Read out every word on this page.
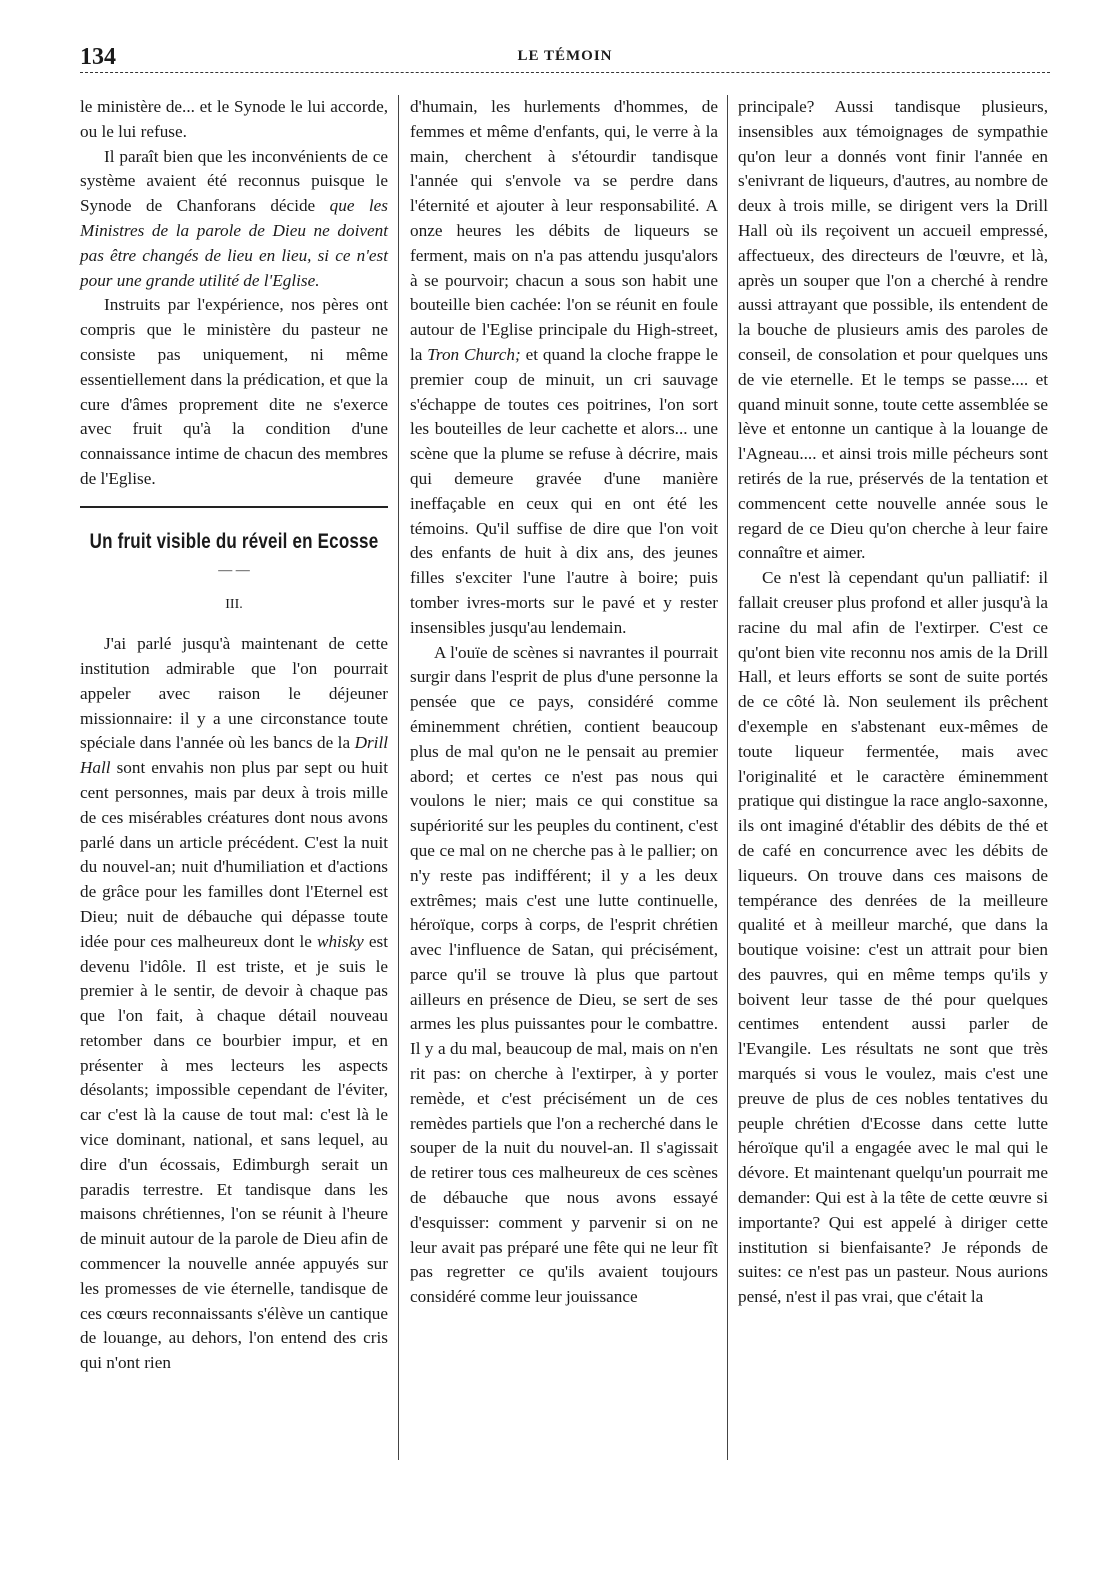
134	LE TÉMOIN

le ministère de... et le Synode le lui accorde, ou le lui refuse.

Il paraît bien que les inconvénients de ce système avaient été reconnus puisque le Synode de Chanforans décide que les Ministres de la parole de Dieu ne doivent pas être changés de lieu en lieu, si ce n'est pour une grande utilité de l'Eglise.

Instruits par l'expérience, nos pères ont compris que le ministère du pasteur ne consiste pas uniquement, ni même essentiellement dans la prédication, et que la cure d'âmes proprement dite ne s'exerce avec fruit qu'à la condition d'une connaissance intime de chacun des membres de l'Eglise.

Un fruit visible du réveil en Ecosse
— —
III.

J'ai parlé jusqu'à maintenant de cette institution admirable que l'on pourrait appeler avec raison le déjeuner missionnaire: il y a une circonstance toute spéciale dans l'année où les bancs de la Drill Hall sont envahis non plus par sept ou huit cent personnes, mais par deux à trois mille de ces misérables créatures dont nous avons parlé dans un article précédent. C'est la nuit du nouvel-an; nuit d'humiliation et d'actions de grâce pour les familles dont l'Eternel est Dieu; nuit de débauche qui dépasse toute idée pour ces malheureux dont le whisky est devenu l'idôle. Il est triste, et je suis le premier à le sentir, de devoir à chaque pas que l'on fait, à chaque détail nouveau retomber dans ce bourbier impur, et en présenter à mes lecteurs les aspects désolants; impossible cependant de l'éviter, car c'est là la cause de tout mal: c'est là le vice dominant, national, et sans lequel, au dire d'un écossais, Edimburgh serait un paradis terrestre. Et tandisque dans les maisons chrétiennes, l'on se réunit à l'heure de minuit autour de la parole de Dieu afin de commencer la nouvelle année appuyés sur les promesses de vie éternelle, tandisque de ces cœurs reconnaissants s'élève un cantique de louange, au dehors, l'on entend des cris qui n'ont rien

d'humain, les hurlements d'hommes, de femmes et même d'enfants, qui, le verre à la main, cherchent à s'étourdir tandisque l'année qui s'envole va se perdre dans l'éternité et ajouter à leur responsabilité. A onze heures les débits de liqueurs se ferment, mais on n'a pas attendu jusqu'alors à se pourvoir; chacun a sous son habit une bouteille bien cachée: l'on se réunit en foule autour de l'Eglise principale du High-street, la Tron Church; et quand la cloche frappe le premier coup de minuit, un cri sauvage s'échappe de toutes ces poitrines, l'on sort les bouteilles de leur cachette et alors... une scène que la plume se refuse à décrire, mais qui demeure gravée d'une manière ineffaçable en ceux qui en ont été les témoins. Qu'il suffise de dire que l'on voit des enfants de huit à dix ans, des jeunes filles s'exciter l'une l'autre à boire; puis tomber ivres-morts sur le pavé et y rester insensibles jusqu'au lendemain.

A l'ouïe de scènes si navrantes il pourrait surgir dans l'esprit de plus d'une personne la pensée que ce pays, considéré comme éminemment chrétien, contient beaucoup plus de mal qu'on ne le pensait au premier abord; et certes ce n'est pas nous qui voulons le nier; mais ce qui constitue sa supériorité sur les peuples du continent, c'est que ce mal on ne cherche pas à le pallier; on n'y reste pas indifférent; il y a les deux extrêmes; mais c'est une lutte continuelle, héroïque, corps à corps, de l'esprit chrétien avec l'influence de Satan, qui précisément, parce qu'il se trouve là plus que partout ailleurs en présence de Dieu, se sert de ses armes les plus puissantes pour le combattre. Il y a du mal, beaucoup de mal, mais on n'en rit pas: on cherche à l'extirper, à y porter remède, et c'est précisément un de ces remèdes partiels que l'on a recherché dans le souper de la nuit du nouvel-an. Il s'agissait de retirer tous ces malheureux de ces scènes de débauche que nous avons essayé d'esquisser: comment y parvenir si on ne leur avait pas préparé une fête qui ne leur fît pas regretter ce qu'ils avaient toujours considéré comme leur jouissance

principale? Aussi tandisque plusieurs, insensibles aux témoignages de sympathie qu'on leur a donnés vont finir l'année en s'enivrant de liqueurs, d'autres, au nombre de deux à trois mille, se dirigent vers la Drill Hall où ils reçoivent un accueil empressé, affectueux, des directeurs de l'œuvre, et là, après un souper que l'on a cherché à rendre aussi attrayant que possible, ils entendent de la bouche de plusieurs amis des paroles de conseil, de consolation et pour quelques uns de vie eternelle. Et le temps se passe.... et quand minuit sonne, toute cette assemblée se lève et entonne un cantique à la louange de l'Agneau.... et ainsi trois mille pécheurs sont retirés de la rue, préservés de la tentation et commencent cette nouvelle année sous le regard de ce Dieu qu'on cherche à leur faire connaître et aimer.

Ce n'est là cependant qu'un palliatif: il fallait creuser plus profond et aller jusqu'à la racine du mal afin de l'extirper. C'est ce qu'ont bien vite reconnu nos amis de la Drill Hall, et leurs efforts se sont de suite portés de ce côté là. Non seulement ils prêchent d'exemple en s'abstenant eux-mêmes de toute liqueur fermentée, mais avec l'originalité et le caractère éminemment pratique qui distingue la race anglo-saxonne, ils ont imaginé d'établir des débits de thé et de café en concurrence avec les débits de liqueurs. On trouve dans ces maisons de tempérance des denrées de la meilleure qualité et à meilleur marché, que dans la boutique voisine: c'est un attrait pour bien des pauvres, qui en même temps qu'ils y boivent leur tasse de thé pour quelques centimes entendent aussi parler de l'Evangile. Les résultats ne sont que très marqués si vous le voulez, mais c'est une preuve de plus de ces nobles tentatives du peuple chrétien d'Ecosse dans cette lutte héroïque qu'il a engagée avec le mal qui le dévore. Et maintenant quelqu'un pourrait me demander: Qui est à la tête de cette œuvre si importante? Qui est appelé à diriger cette institution si bienfaisante? Je réponds de suites: ce n'est pas un pasteur. Nous aurions pensé, n'est il pas vrai, que c'était la
